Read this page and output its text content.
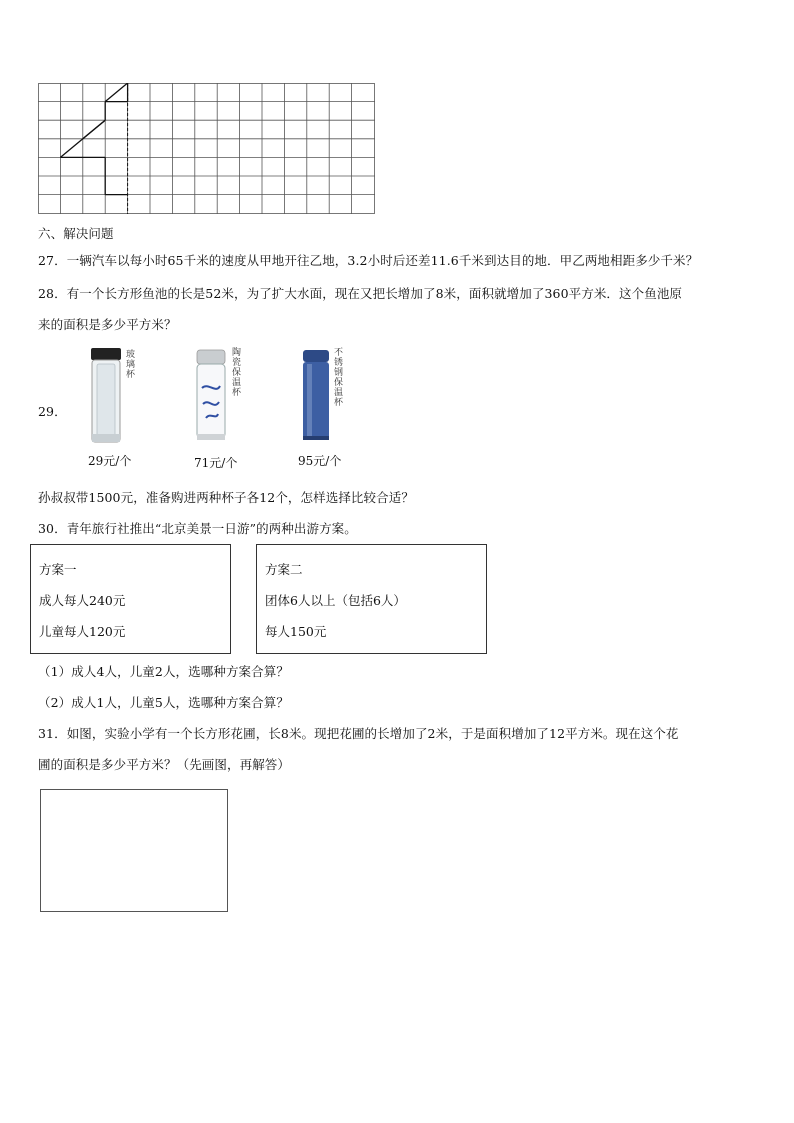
六、解决问题
27．一辆汽车以每小时65千米的速度从甲地开往乙地，3.2小时后还差11.6千米到达目的地．甲乙两地相距多少千米？
28．有一个长方形鱼池的长是52米，为了扩大水面，现在又把长增加了8米，面积就增加了360平方米．这个鱼池原
来的面积是多少平方米？
29．
玻璃杯
29元/个
陶瓷保温杯
71元/个
不锈钢保温杯
95元/个
孙叔叔带1500元，准备购进两种杯子各12个，怎样选择比较合适？
30．青年旅行社推出“北京美景一日游”的两种出游方案。
方案一
成人每人240元
儿童每人120元
方案二
团体6人以上（包括6人）
每人150元
（1）成人4人，儿童2人，选哪种方案合算？
（2）成人1人，儿童5人，选哪种方案合算？
31．如图，实验小学有一个长方形花圃，长8米。现把花圃的长增加了2米，于是面积增加了12平方米。现在这个花
圃的面积是多少平方米？（先画图，再解答）
